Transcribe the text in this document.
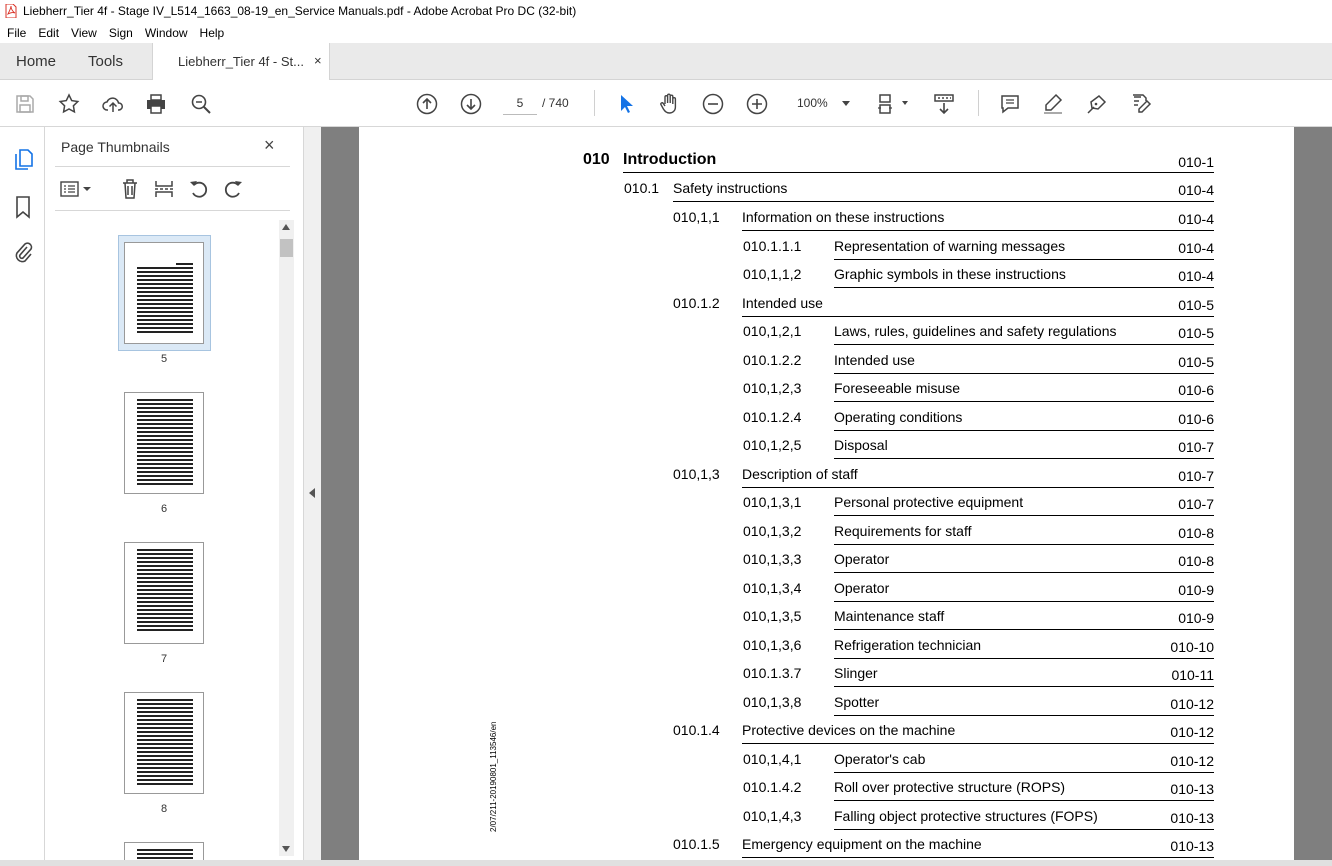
Liebherr_Tier 4f - Stage IV_L514_1663_08-19_en_Service Manuals.pdf - Adobe Acrobat Pro DC (32-bit)
File	Edit	View	Sign	Window	Help
Home Tools	Liebherr_Tier 4f - St... ×
5
/ 740	100%
Page Thumbnails	×
5
6
7
8
010 Introduction	010-1
010.1 Safety instructions	010-4
010,1,1 Information on these instructions	010-4
010.1.1.1 Representation of warning messages	010-4
010,1,1,2 Graphic symbols in these instructions	010-4
010.1.2 Intended use	010-5
010,1,2,1 Laws, rules, guidelines and safety regulations	010-5
010.1.2.2 Intended use	010-5
010,1,2,3 Foreseeable misuse	010-6
010.1.2.4 Operating conditions	010-6
010,1,2,5 Disposal	010-7
010,1,3 Description of staff	010-7
010,1,3,1 Personal protective equipment	010-7
010,1,3,2 Requirements for staff	010-8
010,1,3,3 Operator	010-8
010,1,3,4 Operator	010-9
010,1,3,5 Maintenance staff	010-9
010,1,3,6 Refrigeration technician	010-10
010.1.3.7 Slinger	010-11
010,1,3,8 Spotter	010-12
010.1.4 Protective devices on the machine	010-12
010,1,4,1 Operator's cab	010-12
010.1.4.2 Roll over protective structure (ROPS)	010-13
010,1,4,3 Falling object protective structures (FOPS)	010-13
010.1.5 Emergency equipment on the machine	010-13
2/07/211-20190801_113546/en
